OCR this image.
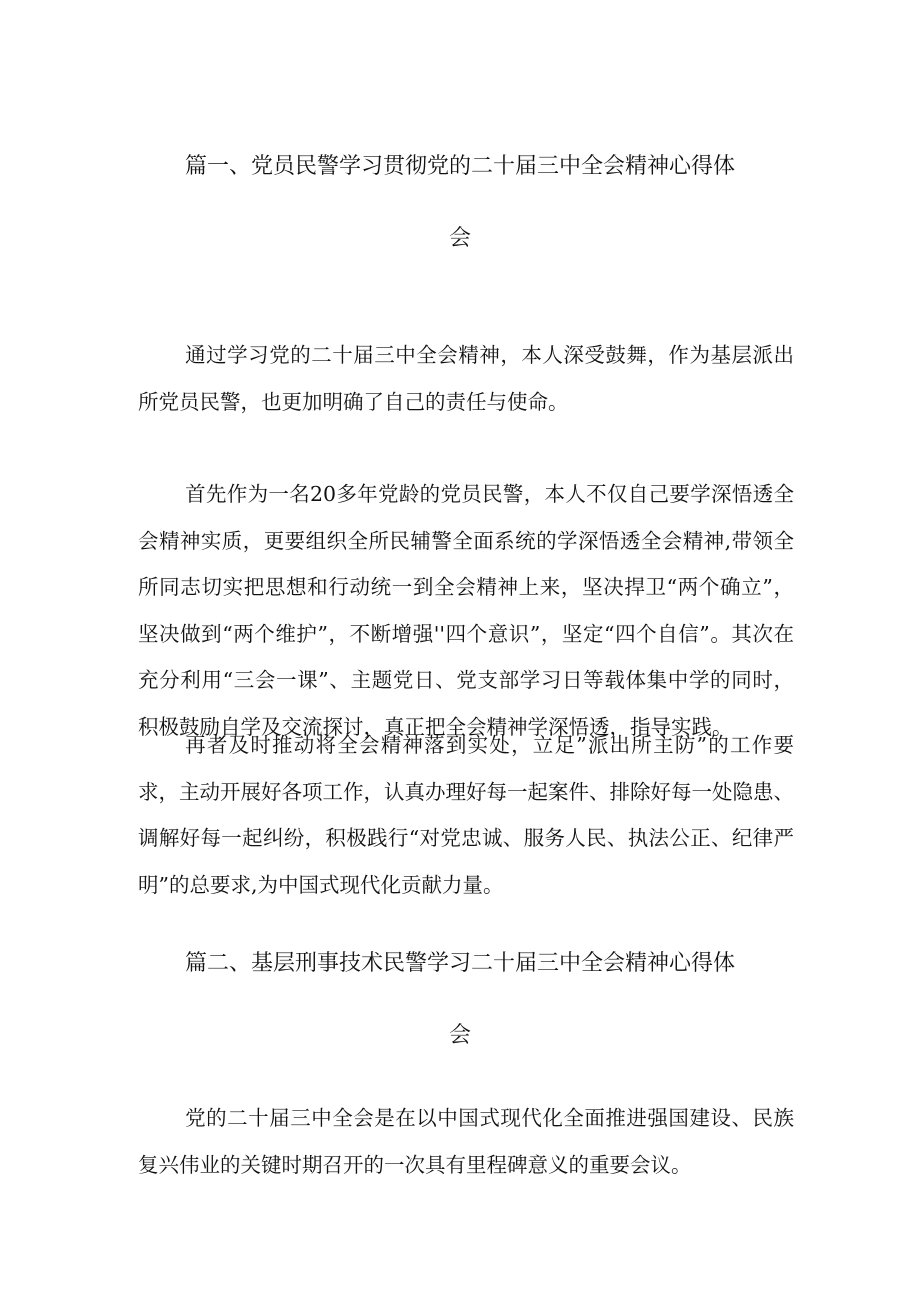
篇一、党员民警学习贯彻党的二十届三中全会精神心得体
会

通过学习党的二十届三中全会精神，本人深受鼓舞，作为基层派出所党员民警，也更加明确了自己的责任与使命。

首先作为一名20多年党龄的党员民警，本人不仅自己要学深悟透全会精神实质，更要组织全所民辅警全面系统的学深悟透全会精神,带领全所同志切实把思想和行动统一到全会精神上来，坚决捍卫“两个确立”，坚决做到“两个维护”，不断增强''四个意识”，坚定“四个自信”。其次在充分利用“三会一课”、主题党日、党支部学习日等载体集中学的同时，积极鼓励自学及交流探讨，真正把全会精神学深悟透，指导实践。

再者及时推动将全会精神落到实处，立足”派出所主防”的工作要求，主动开展好各项工作，认真办理好每一起案件、排除好每一处隐患、调解好每一起纠纷，积极践行“对党忠诚、服务人民、执法公正、纪律严明”的总要求,为中国式现代化贡献力量。

篇二、基层刑事技术民警学习二十届三中全会精神心得体
会

党的二十届三中全会是在以中国式现代化全面推进强国建设、民族复兴伟业的关键时期召开的一次具有里程碑意义的重要会议。
